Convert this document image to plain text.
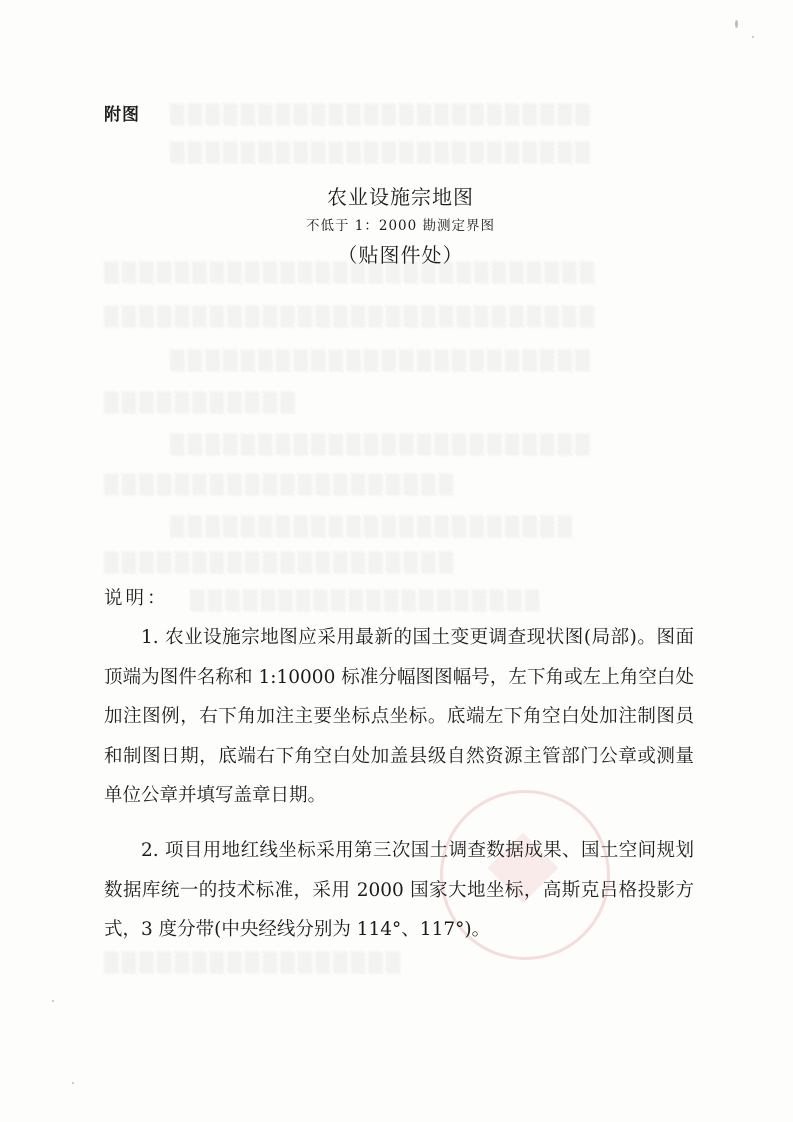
▒▒▒▒▒▒▒▒▒▒▒▒▒▒▒▒▒▒▒▒▒▒▒▒
▒▒▒▒▒▒▒▒▒▒▒▒▒▒▒▒▒▒▒▒▒▒▒▒
▒▒▒▒▒▒▒▒▒▒▒▒▒▒▒▒▒▒▒▒▒▒▒▒▒▒▒▒
▒▒▒▒▒▒▒▒▒▒▒▒▒▒▒▒▒▒▒▒▒▒▒▒▒▒▒▒
▒▒▒▒▒▒▒▒▒▒▒▒▒▒▒▒▒▒▒▒▒▒▒▒
▒▒▒▒▒▒▒▒▒▒▒
▒▒▒▒▒▒▒▒▒▒▒▒▒▒▒▒▒▒▒▒▒▒▒▒
▒▒▒▒▒▒▒▒▒▒▒▒▒▒▒▒▒▒▒▒
▒▒▒▒▒▒▒▒▒▒▒▒▒▒▒▒▒▒▒▒▒▒▒
▒▒▒▒▒▒▒▒▒▒▒▒▒▒▒▒▒▒▒▒
▒▒▒▒▒▒▒▒▒▒▒▒▒▒▒▒▒▒▒▒
▒▒▒▒▒▒▒▒▒▒▒▒▒▒▒▒▒
附图
农业设施宗地图
不低于 1：2000 勘测定界图
（贴图件处）
说明：

1. 农业设施宗地图应采用最新的国土变更调查现状图(局部)。图面顶端为图件名称和 1:10000 标准分幅图图幅号，左下角或左上角空白处加注图例，右下角加注主要坐标点坐标。底端左下角空白处加注制图员和制图日期，底端右下角空白处加盖县级自然资源主管部门公章或测量单位公章并填写盖章日期。

2. 项目用地红线坐标采用第三次国土调查数据成果、国土空间规划数据库统一的技术标准，采用 2000 国家大地坐标，高斯克吕格投影方式，3 度分带(中央经线分别为 114°、117°)。
